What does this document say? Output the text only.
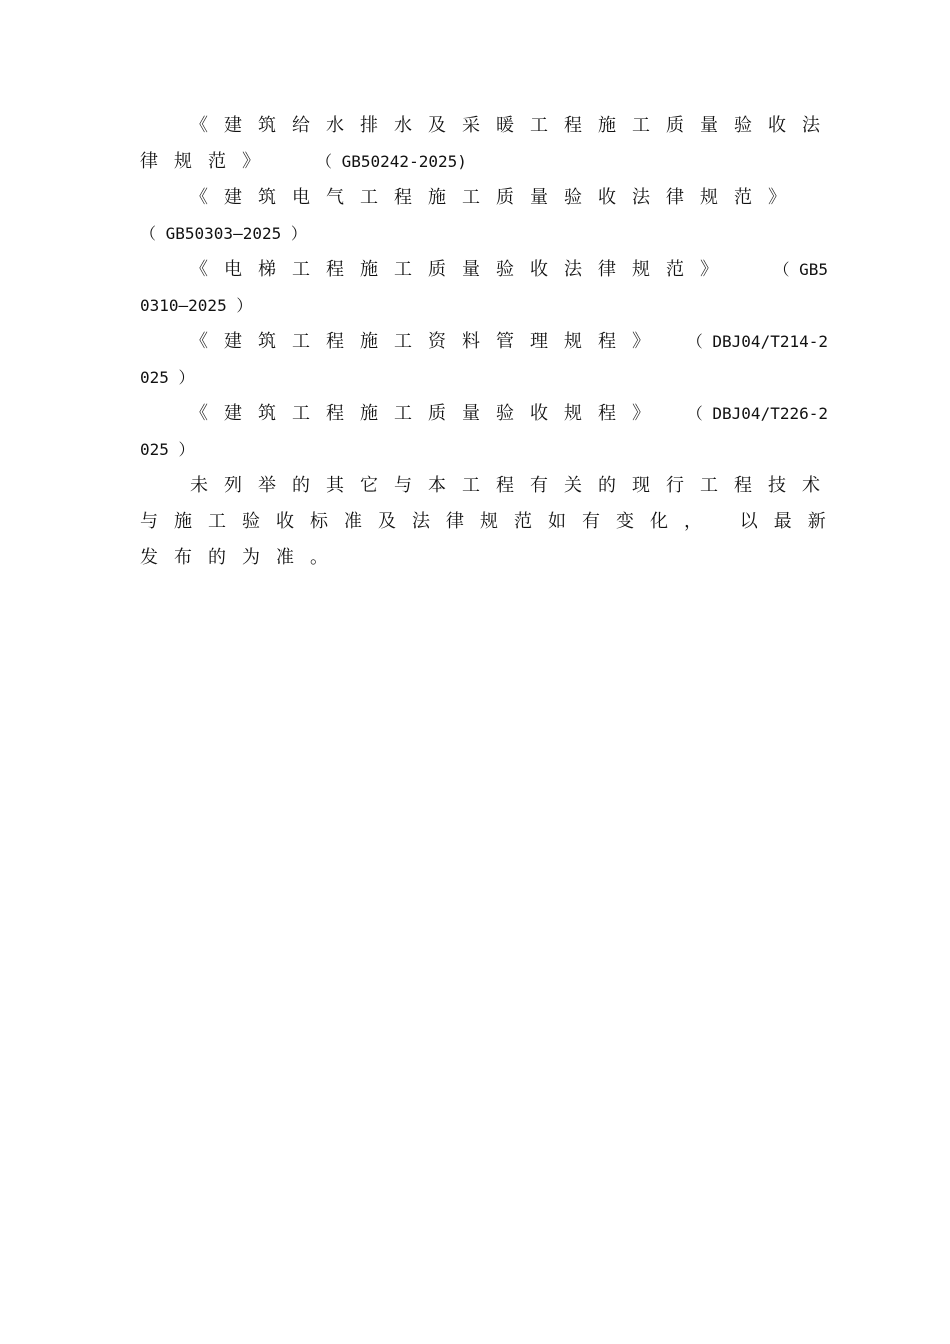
《建筑给水排水及采暖工程施工质量验收法
律规范》	（ GB50242-2025)
《建筑电气工程施工质量验收法律规范》
（ GB50303—2025 ）
《电梯工程施工质量验收法律规范》 （ GB5
0310—2025 ）
《建筑工程施工资料管理规程》 （ DBJ04/T214-2
025 ）
《建筑工程施工质量验收规程》 （ DBJ04/T226-2
025 ）
未列举的其它与本工程有关的现行工程技术
与施工验收标准及法律规范如有变化， 以最新
发布的为准。
